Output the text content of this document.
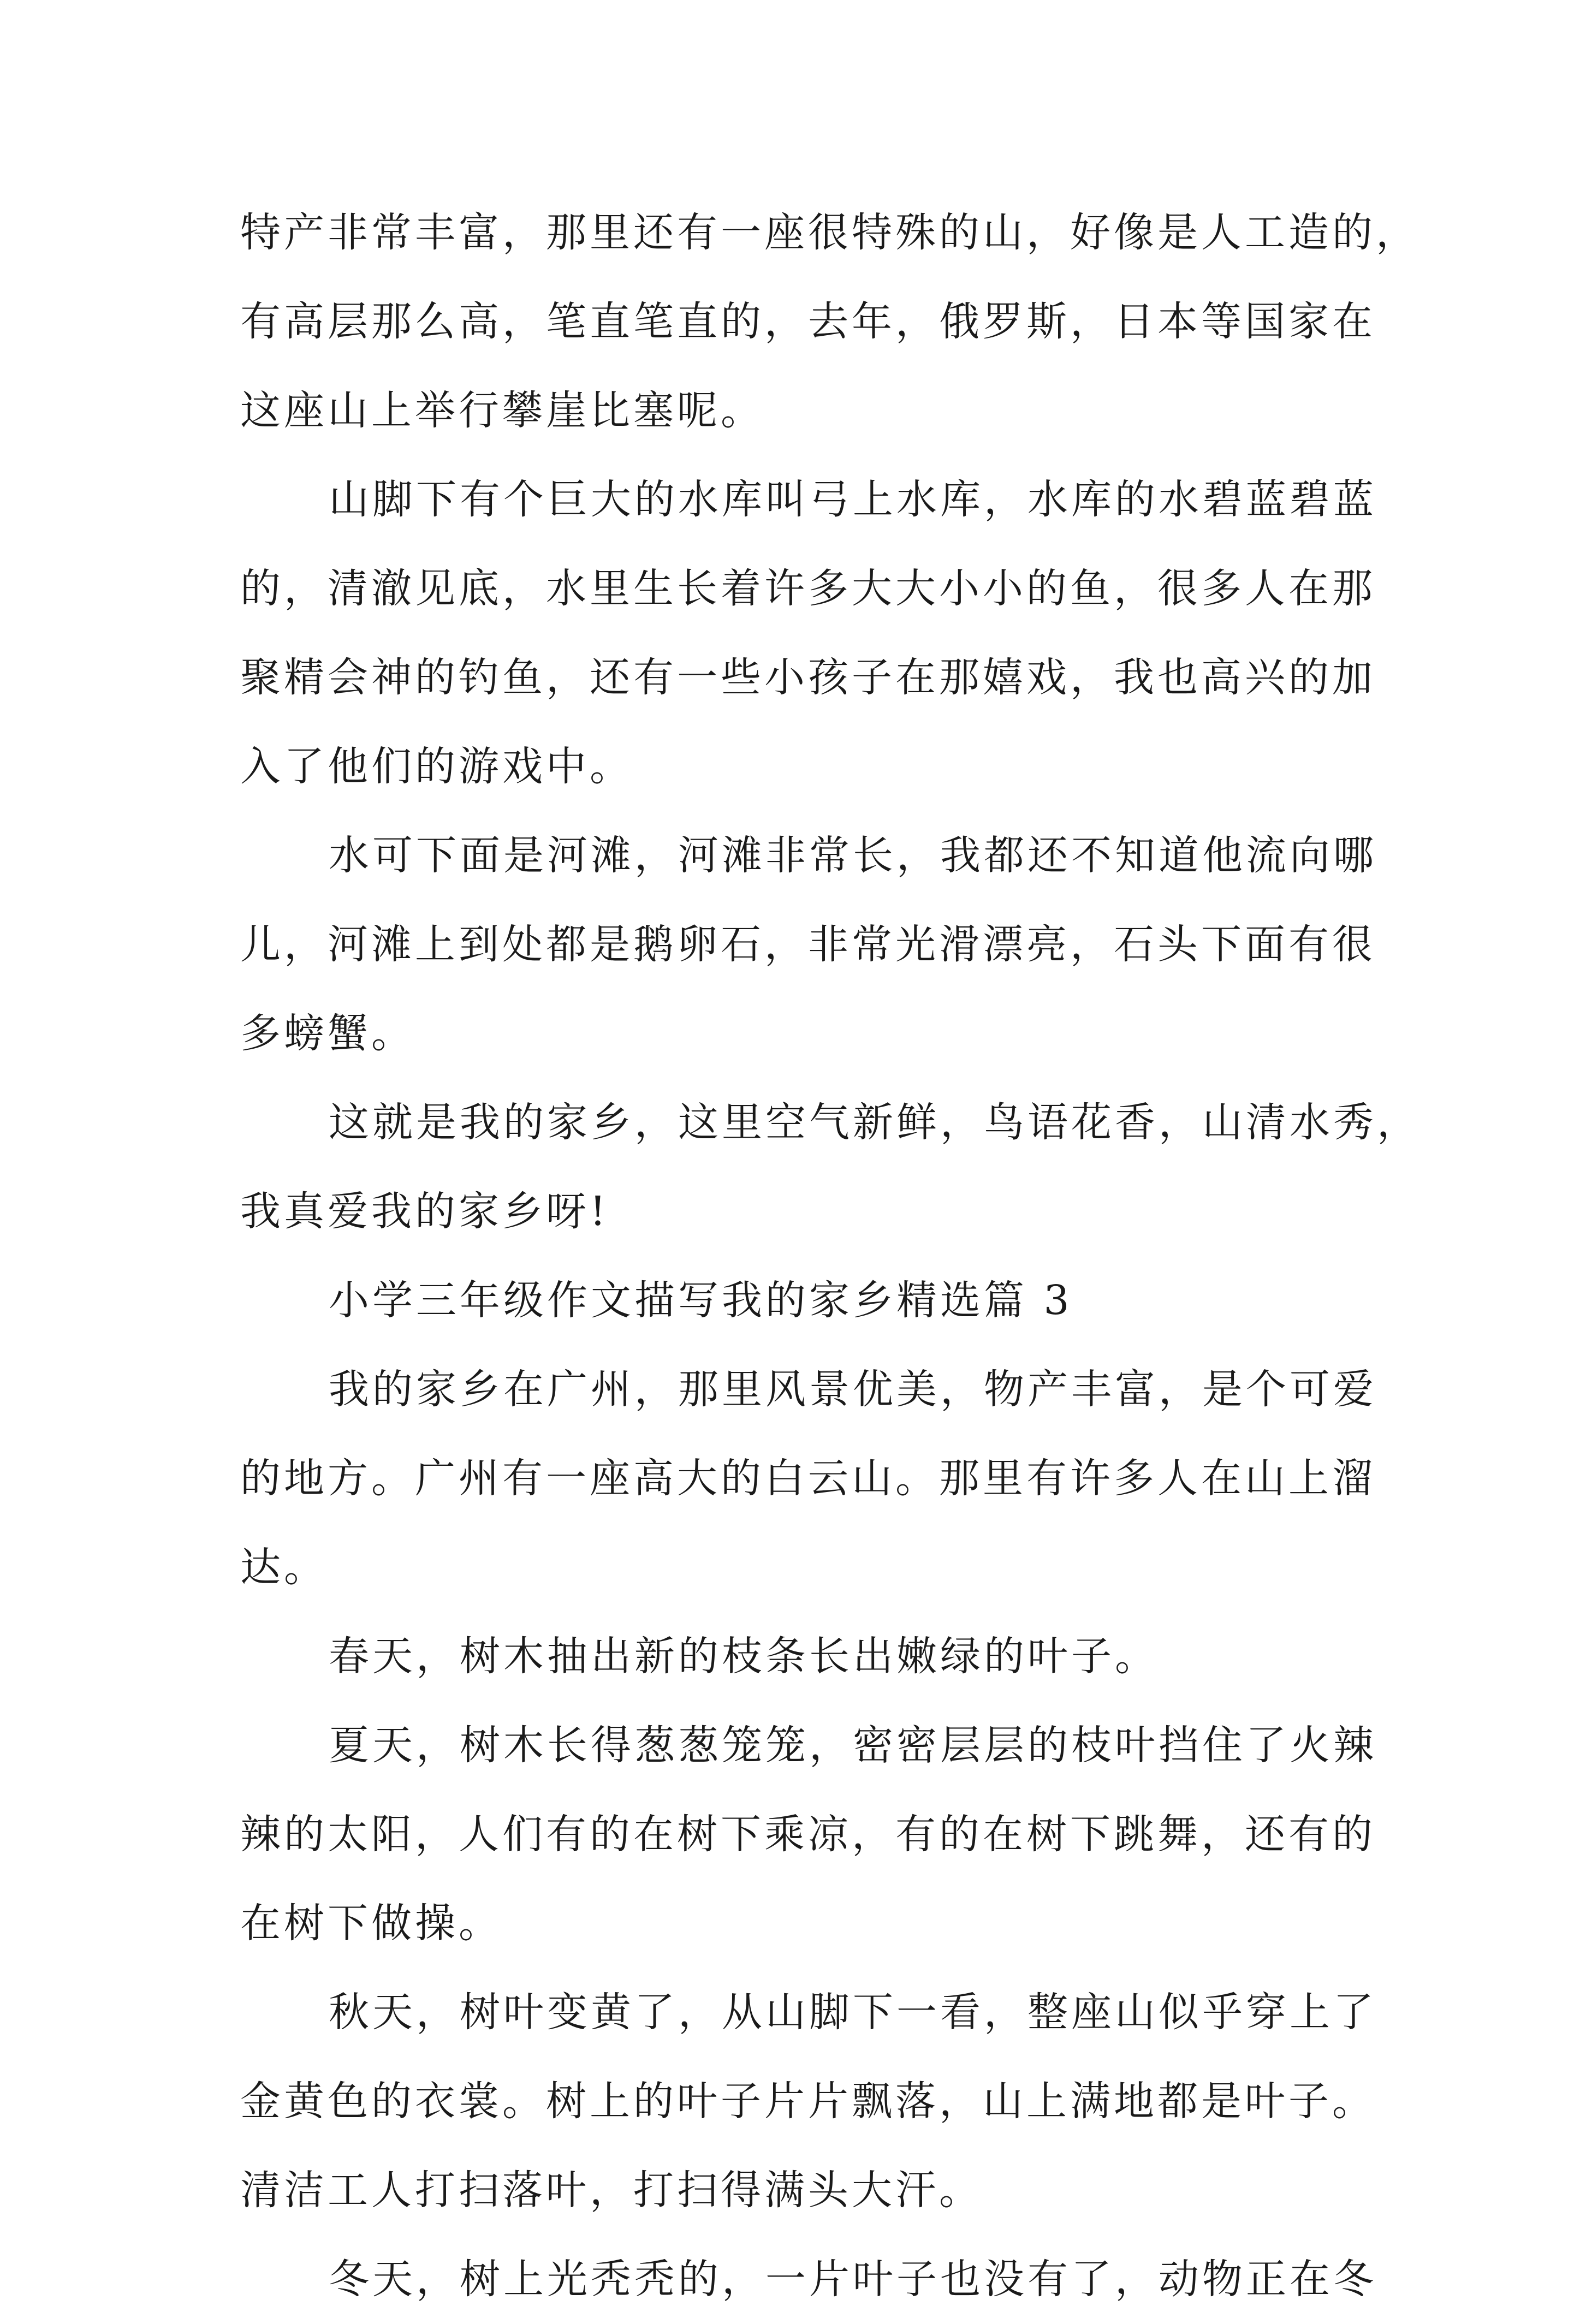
特产非常丰富，那里还有一座很特殊的山，好像是人工造的，
有高层那么高，笔直笔直的，去年，俄罗斯，日本等国家在
这座山上举行攀崖比塞呢。
山脚下有个巨大的水库叫弓上水库，水库的水碧蓝碧蓝
的，清澈见底，水里生长着许多大大小小的鱼，很多人在那
聚精会神的钓鱼，还有一些小孩子在那嬉戏，我也高兴的加
入了他们的游戏中。
水可下面是河滩，河滩非常长，我都还不知道他流向哪
儿，河滩上到处都是鹅卵石，非常光滑漂亮，石头下面有很
多螃蟹。
这就是我的家乡，这里空气新鲜，鸟语花香，山清水秀，
我真爱我的家乡呀!
小学三年级作文描写我的家乡精选篇 3
我的家乡在广州，那里风景优美，物产丰富，是个可爱
的地方。广州有一座高大的白云山。那里有许多人在山上溜
达。
春天，树木抽出新的枝条长出嫩绿的叶子。
夏天，树木长得葱葱笼笼，密密层层的枝叶挡住了火辣
辣的太阳，人们有的在树下乘凉，有的在树下跳舞，还有的
在树下做操。
秋天，树叶变黄了，从山脚下一看，整座山似乎穿上了
金黄色的衣裳。树上的叶子片片飘落，山上满地都是叶子。
清洁工人打扫落叶，打扫得满头大汗。
冬天，树上光秃秃的，一片叶子也没有了，动物正在冬
